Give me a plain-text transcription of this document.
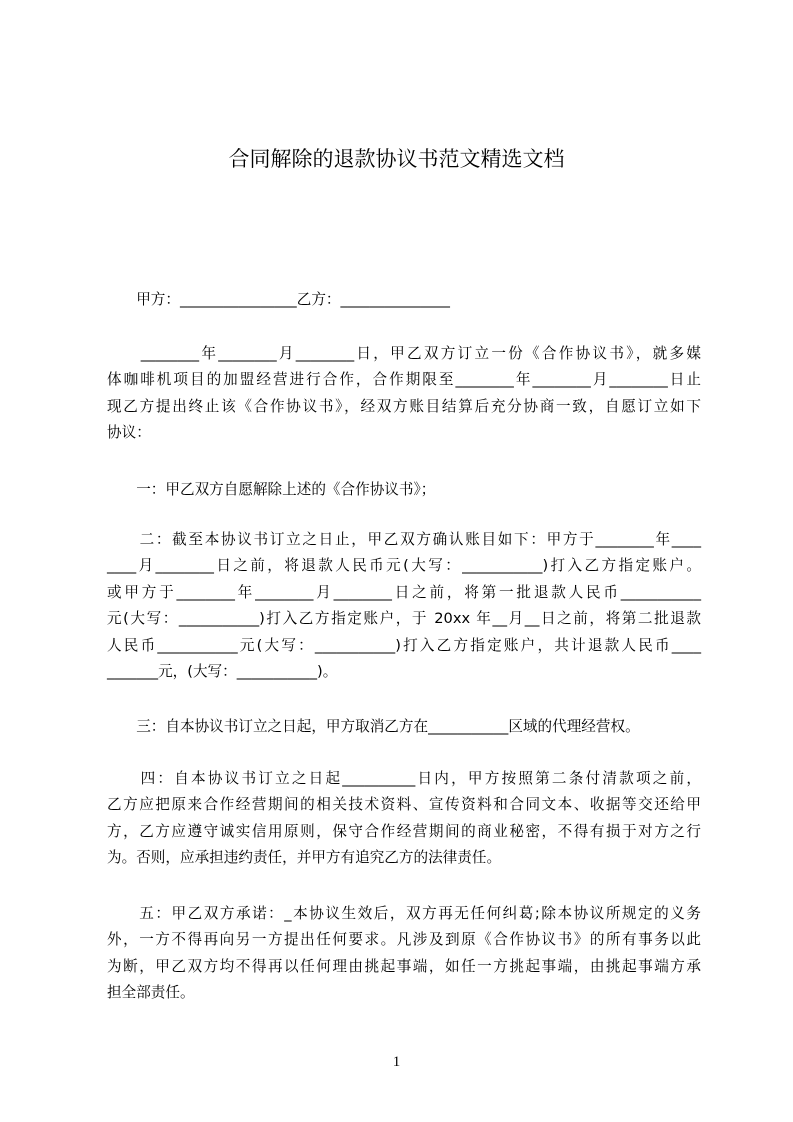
合同解除的退款协议书范文精选文档
　　甲方：________________乙方：_______________
　　________年________月________日，甲乙双方订立一份《合作协议书》，就多媒
体咖啡机项目的加盟经营进行合作，合作期限至________年________月________日止
现乙方提出终止该《合作协议书》，经双方账目结算后充分协商一致，自愿订立如下
协议：
　　一：甲乙双方自愿解除上述的《合作协议书》；
　　二：截至本协议书订立之日止，甲乙双方确认账目如下：甲方于________年____
____月________日之前，将退款人民币元(大写：___________)打入乙方指定账户。
或甲方于________年________月________日之前，将第一批退款人民币___________
元(大写：___________)打入乙方指定账户，于 20xx 年__月__日之前，将第二批退款
人民币___________元(大写：___________)打入乙方指定账户，共计退款人民币____
_______元，(大写：___________)。
　　三：自本协议书订立之日起，甲方取消乙方在___________区域的代理经营权。
　　四：自本协议书订立之日起__________日内，甲方按照第二条付清款项之前，
乙方应把原来合作经营期间的相关技术资料、宣传资料和合同文本、收据等交还给甲
方，乙方应遵守诚实信用原则，保守合作经营期间的商业秘密，不得有损于对方之行
为。否则，应承担违约责任，并甲方有追究乙方的法律责任。
　　五：甲乙双方承诺：_本协议生效后，双方再无任何纠葛;除本协议所规定的义务
外，一方不得再向另一方提出任何要求。凡涉及到原《合作协议书》的所有事务以此
为断，甲乙双方均不得再以任何理由挑起事端，如任一方挑起事端，由挑起事端方承
担全部责任。
1
